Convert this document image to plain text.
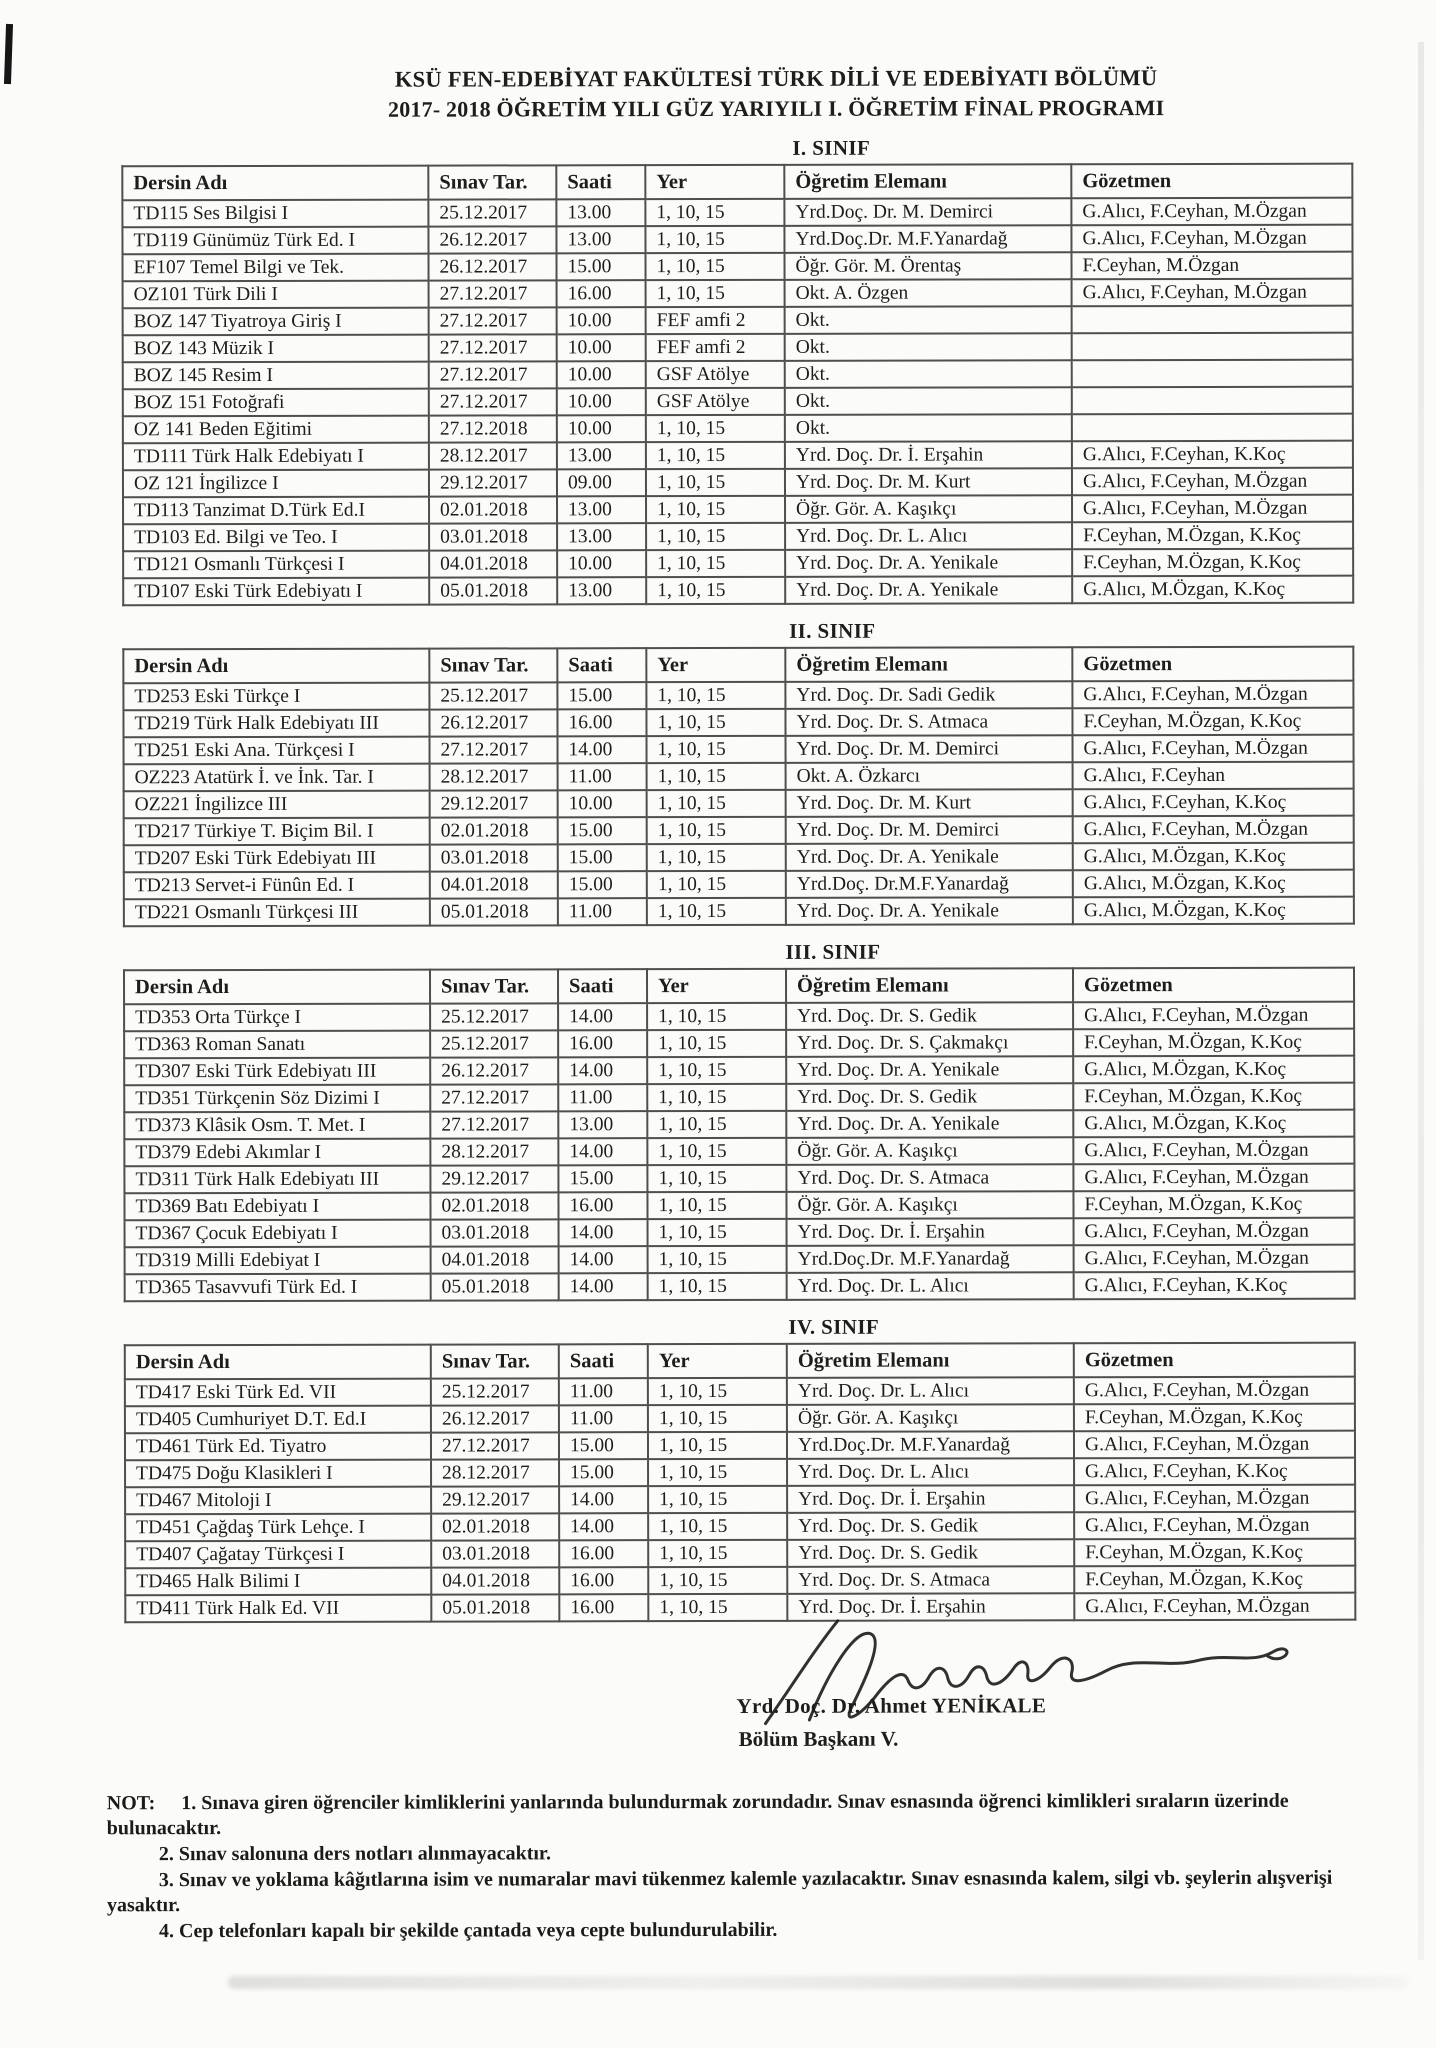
KSÜ FEN-EDEBİYAT FAKÜLTESİ TÜRK DİLİ VE EDEBİYATI BÖLÜMÜ
2017- 2018 ÖĞRETİM YILI GÜZ YARIYILI I. ÖĞRETİM FİNAL PROGRAMI
I. SINIF
Dersin Adı	Sınav Tar.	Saati	Yer	Öğretim Elemanı	Gözetmen
TD115 Ses Bilgisi I	25.12.2017	13.00	1, 10, 15	Yrd.Doç. Dr. M. Demirci	G.Alıcı, F.Ceyhan, M.Özgan
TD119 Günümüz Türk Ed. I	26.12.2017	13.00	1, 10, 15	Yrd.Doç.Dr. M.F.Yanardağ	G.Alıcı, F.Ceyhan, M.Özgan
EF107 Temel Bilgi ve Tek.	26.12.2017	15.00	1, 10, 15	Öğr. Gör. M. Örentaş	F.Ceyhan, M.Özgan
OZ101 Türk Dili I	27.12.2017	16.00	1, 10, 15	Okt. A. Özgen	G.Alıcı, F.Ceyhan, M.Özgan
BOZ 147 Tiyatroya Giriş I	27.12.2017	10.00	FEF amfi 2	Okt.	
BOZ 143 Müzik I	27.12.2017	10.00	FEF amfi 2	Okt.	
BOZ 145 Resim I	27.12.2017	10.00	GSF Atölye	Okt.	
BOZ 151 Fotoğrafi	27.12.2017	10.00	GSF Atölye	Okt.	
OZ 141 Beden Eğitimi	27.12.2018	10.00	1, 10, 15	Okt.	
TD111 Türk Halk Edebiyatı I	28.12.2017	13.00	1, 10, 15	Yrd. Doç. Dr. İ. Erşahin	G.Alıcı, F.Ceyhan, K.Koç
OZ 121 İngilizce I	29.12.2017	09.00	1, 10, 15	Yrd. Doç. Dr. M. Kurt	G.Alıcı, F.Ceyhan, M.Özgan
TD113 Tanzimat D.Türk Ed.I	02.01.2018	13.00	1, 10, 15	Öğr. Gör. A. Kaşıkçı	G.Alıcı, F.Ceyhan, M.Özgan
TD103 Ed. Bilgi ve Teo. I	03.01.2018	13.00	1, 10, 15	Yrd. Doç. Dr. L. Alıcı	F.Ceyhan, M.Özgan, K.Koç
TD121 Osmanlı Türkçesi I	04.01.2018	10.00	1, 10, 15	Yrd. Doç. Dr. A. Yenikale	F.Ceyhan, M.Özgan, K.Koç
TD107 Eski Türk Edebiyatı I	05.01.2018	13.00	1, 10, 15	Yrd. Doç. Dr. A. Yenikale	G.Alıcı, M.Özgan, K.Koç
II. SINIF
Dersin Adı	Sınav Tar.	Saati	Yer	Öğretim Elemanı	Gözetmen
TD253 Eski Türkçe I	25.12.2017	15.00	1, 10, 15	Yrd. Doç. Dr. Sadi Gedik	G.Alıcı, F.Ceyhan, M.Özgan
TD219 Türk Halk Edebiyatı III	26.12.2017	16.00	1, 10, 15	Yrd. Doç. Dr. S. Atmaca	F.Ceyhan, M.Özgan, K.Koç
TD251 Eski Ana. Türkçesi I	27.12.2017	14.00	1, 10, 15	Yrd. Doç. Dr. M. Demirci	G.Alıcı, F.Ceyhan, M.Özgan
OZ223 Atatürk İ. ve İnk. Tar. I	28.12.2017	11.00	1, 10, 15	Okt. A. Özkarcı	G.Alıcı, F.Ceyhan
OZ221 İngilizce III	29.12.2017	10.00	1, 10, 15	Yrd. Doç. Dr. M. Kurt	G.Alıcı, F.Ceyhan, K.Koç
TD217 Türkiye T. Biçim Bil. I	02.01.2018	15.00	1, 10, 15	Yrd. Doç. Dr. M. Demirci	G.Alıcı, F.Ceyhan, M.Özgan
TD207 Eski Türk Edebiyatı III	03.01.2018	15.00	1, 10, 15	Yrd. Doç. Dr. A. Yenikale	G.Alıcı, M.Özgan, K.Koç
TD213 Servet-i Fünûn Ed. I	04.01.2018	15.00	1, 10, 15	Yrd.Doç. Dr.M.F.Yanardağ	G.Alıcı, M.Özgan, K.Koç
TD221 Osmanlı Türkçesi III	05.01.2018	11.00	1, 10, 15	Yrd. Doç. Dr. A. Yenikale	G.Alıcı, M.Özgan, K.Koç
III. SINIF
Dersin Adı	Sınav Tar.	Saati	Yer	Öğretim Elemanı	Gözetmen
TD353 Orta Türkçe I	25.12.2017	14.00	1, 10, 15	Yrd. Doç. Dr. S. Gedik	G.Alıcı, F.Ceyhan, M.Özgan
TD363 Roman Sanatı	25.12.2017	16.00	1, 10, 15	Yrd. Doç. Dr. S. Çakmakçı	F.Ceyhan, M.Özgan, K.Koç
TD307 Eski Türk Edebiyatı III	26.12.2017	14.00	1, 10, 15	Yrd. Doç. Dr. A. Yenikale	G.Alıcı, M.Özgan, K.Koç
TD351 Türkçenin Söz Dizimi I	27.12.2017	11.00	1, 10, 15	Yrd. Doç. Dr. S. Gedik	F.Ceyhan, M.Özgan, K.Koç
TD373 Klâsik Osm. T. Met. I	27.12.2017	13.00	1, 10, 15	Yrd. Doç. Dr. A. Yenikale	G.Alıcı, M.Özgan, K.Koç
TD379 Edebi Akımlar I	28.12.2017	14.00	1, 10, 15	Öğr. Gör. A. Kaşıkçı	G.Alıcı, F.Ceyhan, M.Özgan
TD311 Türk Halk Edebiyatı III	29.12.2017	15.00	1, 10, 15	Yrd. Doç. Dr. S. Atmaca	G.Alıcı, F.Ceyhan, M.Özgan
TD369 Batı Edebiyatı I	02.01.2018	16.00	1, 10, 15	Öğr. Gör. A. Kaşıkçı	F.Ceyhan, M.Özgan, K.Koç
TD367 Çocuk Edebiyatı I	03.01.2018	14.00	1, 10, 15	Yrd. Doç. Dr. İ. Erşahin	G.Alıcı, F.Ceyhan, M.Özgan
TD319 Milli Edebiyat I	04.01.2018	14.00	1, 10, 15	Yrd.Doç.Dr. M.F.Yanardağ	G.Alıcı, F.Ceyhan, M.Özgan
TD365 Tasavvufi Türk Ed. I	05.01.2018	14.00	1, 10, 15	Yrd. Doç. Dr. L. Alıcı	G.Alıcı, F.Ceyhan, K.Koç
IV. SINIF
Dersin Adı	Sınav Tar.	Saati	Yer	Öğretim Elemanı	Gözetmen
TD417 Eski Türk Ed. VII	25.12.2017	11.00	1, 10, 15	Yrd. Doç. Dr. L. Alıcı	G.Alıcı, F.Ceyhan, M.Özgan
TD405 Cumhuriyet D.T. Ed.I	26.12.2017	11.00	1, 10, 15	Öğr. Gör. A. Kaşıkçı	F.Ceyhan, M.Özgan, K.Koç
TD461 Türk Ed. Tiyatro	27.12.2017	15.00	1, 10, 15	Yrd.Doç.Dr. M.F.Yanardağ	G.Alıcı, F.Ceyhan, M.Özgan
TD475 Doğu Klasikleri I	28.12.2017	15.00	1, 10, 15	Yrd. Doç. Dr. L. Alıcı	G.Alıcı, F.Ceyhan, K.Koç
TD467 Mitoloji I	29.12.2017	14.00	1, 10, 15	Yrd. Doç. Dr. İ. Erşahin	G.Alıcı, F.Ceyhan, M.Özgan
TD451 Çağdaş Türk Lehçe. I	02.01.2018	14.00	1, 10, 15	Yrd. Doç. Dr. S. Gedik	G.Alıcı, F.Ceyhan, M.Özgan
TD407 Çağatay Türkçesi I	03.01.2018	16.00	1, 10, 15	Yrd. Doç. Dr. S. Gedik	F.Ceyhan, M.Özgan, K.Koç
TD465 Halk Bilimi I	04.01.2018	16.00	1, 10, 15	Yrd. Doç. Dr. S. Atmaca	F.Ceyhan, M.Özgan, K.Koç
TD411 Türk Halk Ed. VII	05.01.2018	16.00	1, 10, 15	Yrd. Doç. Dr. İ. Erşahin	G.Alıcı, F.Ceyhan, M.Özgan
Yrd. Doç. Dr. Ahmet YENİKALE
Bölüm Başkanı V.

NOT: 1. Sınava giren öğrenciler kimliklerini yanlarında bulundurmak zorundadır. Sınav esnasında öğrenci kimlikleri sıraların üzerinde bulunacaktır.

2. Sınav salonuna ders notları alınmayacaktır.

3. Sınav ve yoklama kâğıtlarına isim ve numaralar mavi tükenmez kalemle yazılacaktır. Sınav esnasında kalem, silgi vb. şeylerin alışverişi yasaktır.

4. Cep telefonları kapalı bir şekilde çantada veya cepte bulundurulabilir.
